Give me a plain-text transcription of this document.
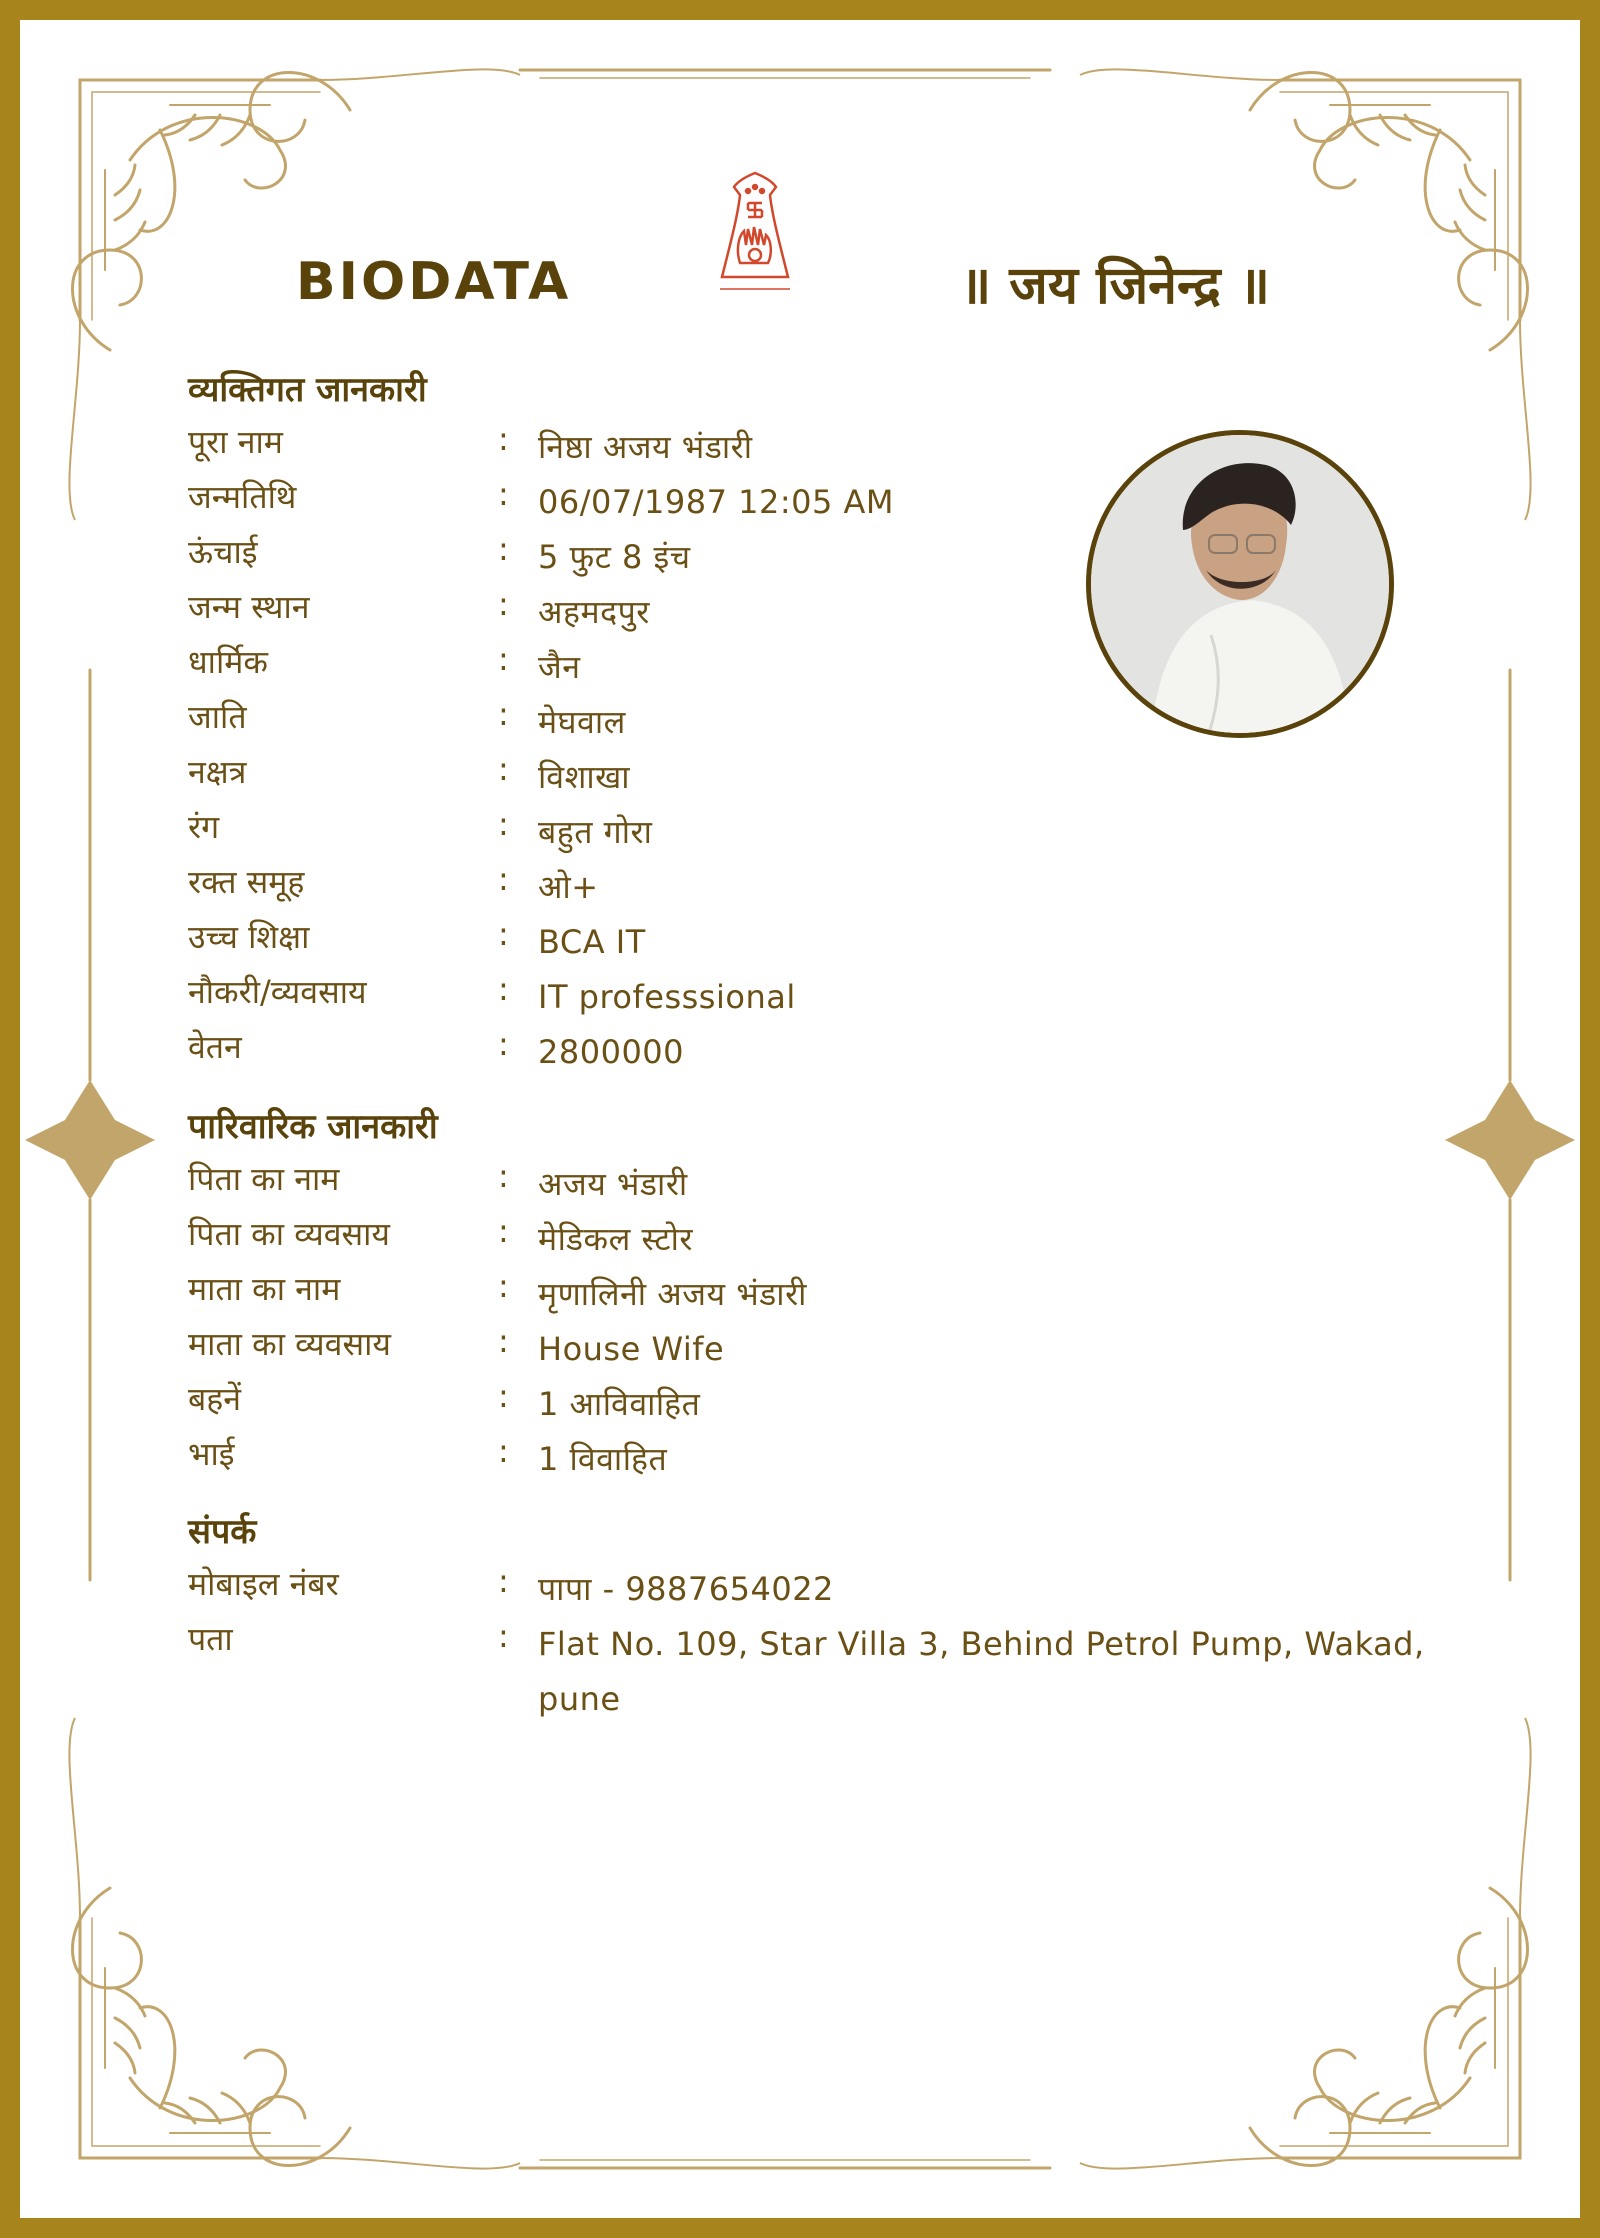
BIODATA	॥ जय जिनेन्द्र ॥
व्यक्तिगत जानकारी
पूरा नाम	: निष्ठा अजय भंडारी
जन्मतिथि	: 06/07/1987 12:05 AM
ऊंचाई	: 5 फुट 8 इंच
जन्म स्थान	: अहमदपुर
धार्मिक	: जैन
जाति	: मेघवाल
नक्षत्र	: विशाखा
रंग	: बहुत गोरा
रक्त समूह	: ओ+
उच्च शिक्षा	: BCA IT
नौकरी/व्यवसाय	: IT professsional
वेतन	: 2800000
पारिवारिक जानकारी
पिता का नाम	: अजय भंडारी
पिता का व्यवसाय	: मेडिकल स्टोर
माता का नाम	: मृणालिनी अजय भंडारी
माता का व्यवसाय	: House Wife
बहनें	: 1 आविवाहित
भाई	: 1 विवाहित
संपर्क
मोबाइल नंबर	: पापा - 9887654022
पता	: Flat No. 109, Star Villa 3, Behind Petrol Pump, Wakad, pune
